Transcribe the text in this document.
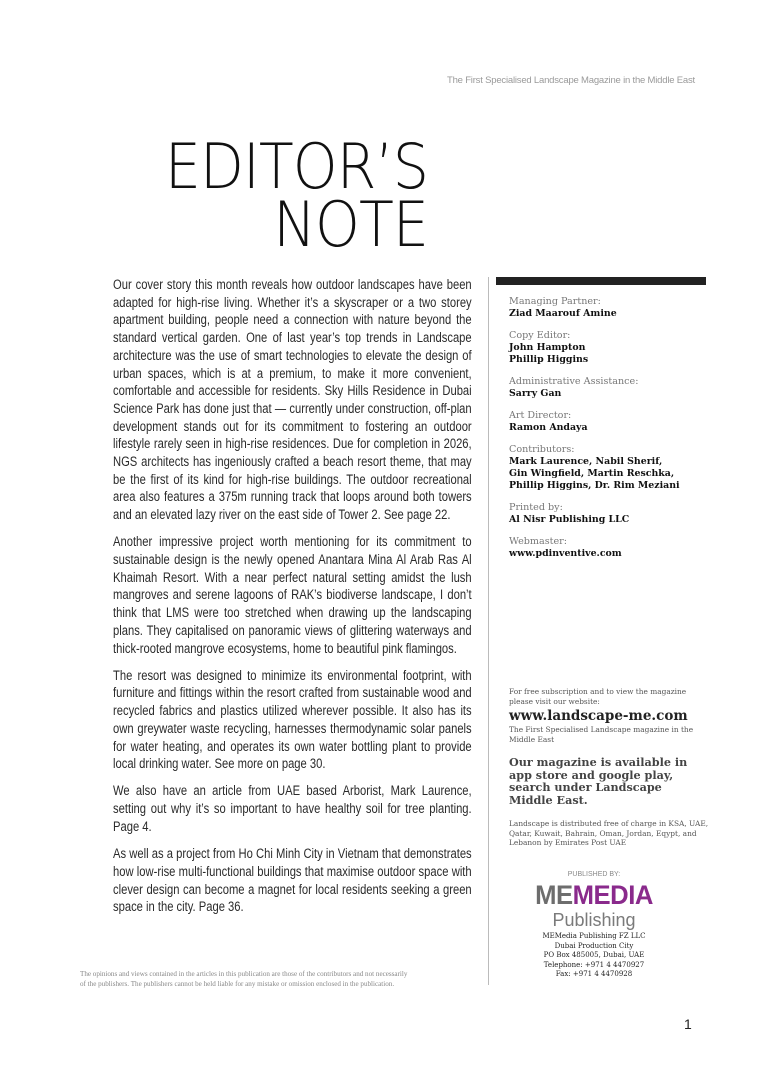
The First Specialised Landscape Magazine in the Middle East
EDITOR’S
NOTE

Our cover story this month reveals how outdoor landscapes have been adapted for high-rise living. Whether it’s a skyscraper or a two storey apartment building, people need a connection with nature beyond the standard vertical garden. One of last year’s top trends in Landscape architecture was the use of smart technologies to elevate the design of urban spaces, which is at a premium, to make it more convenient, comfortable and accessible for residents. Sky Hills Residence in Dubai Science Park has done just that — currently under construction, off-plan development stands out for its commitment to fostering an outdoor lifestyle rarely seen in high-rise residences. Due for completion in 2026, NGS architects has ingeniously crafted a beach resort theme, that may be the first of its kind for high-rise buildings. The outdoor recreational area also features a 375m running track that loops around both towers and an elevated lazy river on the east side of Tower 2. See page 22.

Another impressive project worth mentioning for its commitment to sustainable design is the newly opened Anantara Mina Al Arab Ras Al Khaimah Resort. With a near perfect natural setting amidst the lush mangroves and serene lagoons of RAK’s biodiverse landscape, I don’t think that LMS were too stretched when drawing up the landscaping plans. They capitalised on panoramic views of glittering waterways and thick-rooted mangrove ecosystems, home to beautiful pink flamingos.

The resort was designed to minimize its environmental footprint, with furniture and fittings within the resort crafted from sustainable wood and recycled fabrics and plastics utilized wherever possible. It also has its own greywater waste recycling, harnesses thermodynamic solar panels for water heating, and operates its own water bottling plant to provide local drinking water. See more on page 30.

We also have an article from UAE based Arborist, Mark Laurence, setting out why it’s so important to have healthy soil for tree planting. Page 4.

As well as a project from Ho Chi Minh City in Vietnam that demonstrates how low-rise multi-functional buildings that maximise outdoor space with clever design can become a magnet for local residents seeking a green space in the city. Page 36.

Managing Partner:
Ziad Maarouf Amine
Copy Editor:
John Hampton
Phillip Higgins
Administrative Assistance:
Sarry Gan
Art Director:
Ramon Andaya
Contributors:
Mark Laurence, Nabil Sherif,
Gin Wingfield, Martin Reschka,
Phillip Higgins, Dr. Rim Meziani
Printed by:
Al Nisr Publishing LLC
Webmaster:
www.pdinventive.com
For free subscription and to view the magazine please visit our website:
www.landscape-me.com
The First Specialised Landscape magazine in the Middle East
Our magazine is available in app store and google play, search under Landscape Middle East.
Landscape is distributed free of charge in KSA, UAE, Qatar, Kuwait, Bahrain, Oman, Jordan, Eqypt, and Lebanon by Emirates Post UAE
PUBLISHED BY:
MEMEDIA
Publishing
MEMedia Publishing FZ LLC
Dubai Production City
PO Box 485005, Dubai, UAE
Telephone: +971 4 4470927
Fax: +971 4 4470928
The opinions and views contained in the articles in this publication are those of the contributors and not necessarily
of the publishers. The publishers cannot be held liable for any mistake or omission enclosed in the publication.
1
